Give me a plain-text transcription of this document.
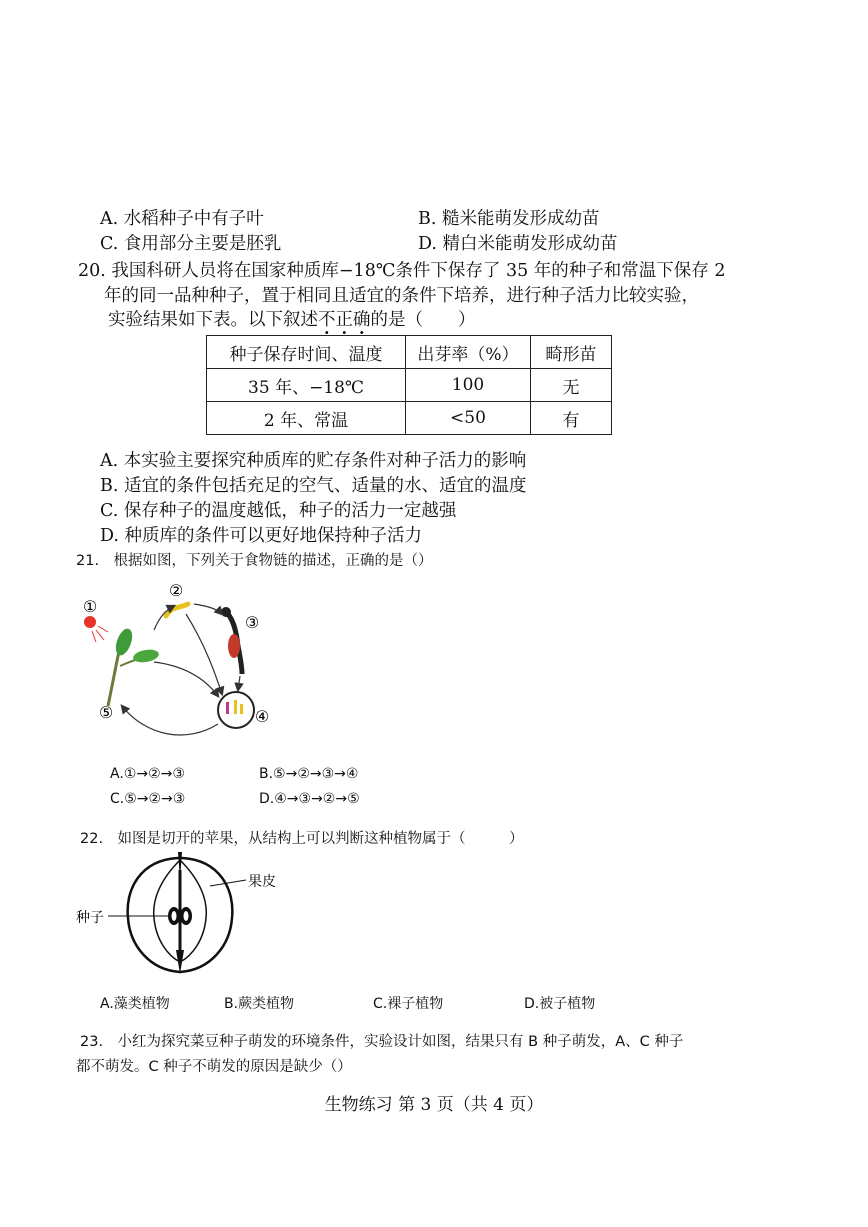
A. 水稻种子中有子叶	B. 糙米能萌发形成幼苗
C. 食用部分主要是胚乳	D. 精白米能萌发形成幼苗
20. 我国科研人员将在国家种质库−18℃条件下保存了 35 年的种子和常温下保存 2
年的同一品种种子，置于相同且适宜的条件下培养，进行种子活力比较实验，
实验结果如下表。以下叙述不正确的是（　　）
种子保存时间、温度	出芽率（%）	畸形苗
35 年、−18℃	100	无
2 年、常温	<50	有
A. 本实验主要探究种质库的贮存条件对种子活力的影响
B. 适宜的条件包括充足的空气、适量的水、适宜的温度
C. 保存种子的温度越低，种子的活力一定越强
D. 种质库的条件可以更好地保持种子活力
21.　根据如图，下列关于食物链的描述，正确的是（）
①
②
③
④
⑤
A.①→②→③	B.⑤→②→③→④
C.⑤→②→③	D.④→③→②→⑤
22.　如图是切开的苹果，从结构上可以判断这种植物属于（　　　）
果皮
种子
A.藻类植物	B.蕨类植物	C.裸子植物	D.被子植物
23.　小红为探究菜豆种子萌发的环境条件，实验设计如图，结果只有 B 种子萌发，A、C 种子
都不萌发。C 种子不萌发的原因是缺少（）
生物练习 第 3 页（共 4 页）
